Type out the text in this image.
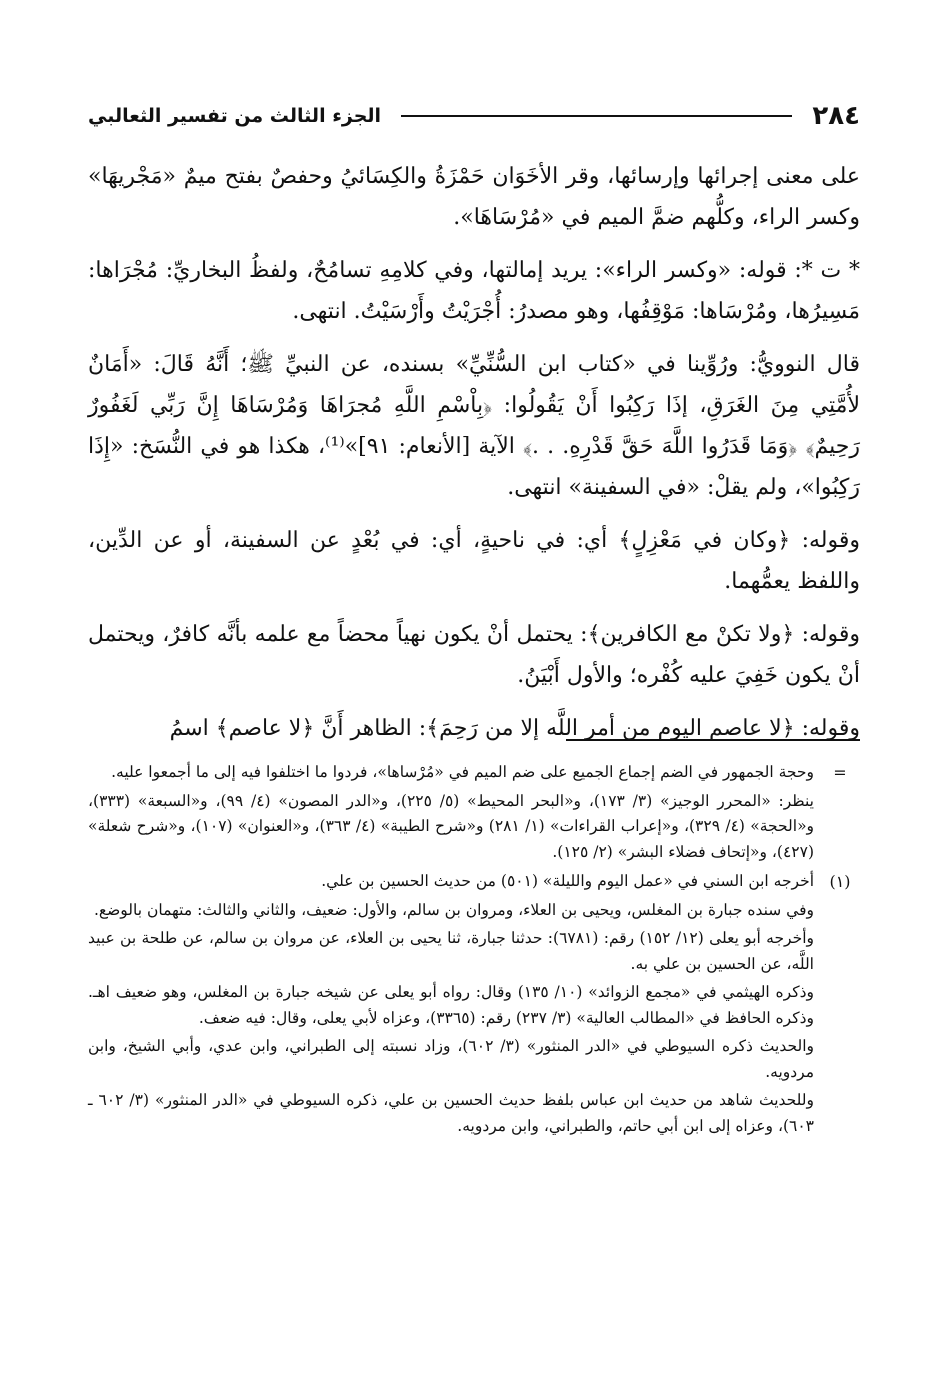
٢٨٤
الجزء الثالث من تفسير الثعالبي

على معنى إجرائها وإرسائها، وقر الأخَوَان حَمْزَةُ والكِسَائيُ وحفصٌ بفتح ميمٌ «مَجْريهَا» وكسر الراء، وكلُّهم ضمَّ الميم في «مُرْسَاهَا».

* ت *: قوله: «وكسر الراء»: يريد إمالتها، وفي كلامِهِ تسامُحٌ، ولفظُ البخاريِّ: مُجْرَاها: مَسِيرُها، ومُرْسَاها: مَوْقِفُها، وهو مصدرُ: أُجْرَيْتُ وأَرْسَيْتُ. انتهى.

قال النوويُّ: ورُوِّينا في «كتاب ابن السُّنِّيِّ» بسنده، عن النبيِّ ﷺ؛ أَنَّهُ قَالَ: «أَمَانٌ لأُمَّتِي مِنَ الغَرَقِ، إذَا رَكِبُوا أَنْ يَقُولُوا: ﴿بِاْسْمِ اللَّهِ مُجرَاهَا وَمُرْسَاهَا إِنَّ رَبِّي لَغَفُورٌ رَحِيمٌ﴾ ﴿وَمَا قَدَرُوا اللَّهَ حَقَّ قَدْرِهِ. . .﴾ الآية [الأنعام: ٩١]»⁽¹⁾، هكذا هو في النُّسَخ: «إِذَا رَكِبُوا»، ولم يقلْ: «في السفينة» انتهى.

وقوله: ﴿وكان في مَعْزِلٍ﴾ أي: في ناحيةٍ، أي: في بُعْدٍ عن السفينة، أو عن الدِّين، واللفظ يعمُّهما.

وقوله: ﴿ولا تكنْ مع الكافرين﴾: يحتمل أنْ يكون نهياً محضاً مع علمه بأنَّه كافرٌ، ويحتمل أنْ يكون خَفِيَ عليه كُفْره؛ والأول أَبْيَنُ.

وقوله: ﴿لا عاصم اليوم من أمر اللَّه إلا من رَحِمَ﴾: الظاهر أَنَّ ﴿لا عاصم﴾ اسمُ

=

وحجة الجمهور في الضم إجماع الجميع على ضم الميم في «مُرْساها»، فردوا ما اختلفوا فيه إلى ما أجمعوا عليه.

ينظر: «المحرر الوجيز» (٣/ ١٧٣)، و«البحر المحيط» (٥/ ٢٢٥)، و«الدر المصون» (٤/ ٩٩)، و«السبعة» (٣٣٣)، و«الحجة» (٤/ ٣٢٩)، و«إعراب القراءات» (١/ ٢٨١) و«شرح الطيبة» (٤/ ٣٦٣)، و«العنوان» (١٠٧)، و«شرح شعلة» (٤٢٧)، و«إتحاف فضلاء البشر» (٢/ ١٢٥).

(١)

أخرجه ابن السني في «عمل اليوم والليلة» (٥٠١) من حديث الحسين بن علي.

وفي سنده جبارة بن المغلس، ويحيى بن العلاء، ومروان بن سالم، والأول: ضعيف، والثاني والثالث: متهمان بالوضع.

وأخرجه أبو يعلى (١٢/ ١٥٢) رقم: (٦٧٨١): حدثنا جبارة، ثنا يحيى بن العلاء، عن مروان بن سالم، عن طلحة بن عبيد اللَّه، عن الحسين بن علي به.

وذكره الهيثمي في «مجمع الزوائد» (١٠/ ١٣٥) وقال: رواه أبو يعلى عن شيخه جبارة بن المغلس، وهو ضعيف اهـ. وذكره الحافظ في «المطالب العالية» (٣/ ٢٣٧) رقم: (٣٣٦٥)، وعزاه لأبي يعلى، وقال: فيه ضعف.

والحديث ذكره السيوطي في «الدر المنثور» (٣/ ٦٠٢)، وزاد نسبته إلى الطبراني، وابن عدي، وأبي الشيخ، وابن مردويه.

وللحديث شاهد من حديث ابن عباس بلفظ حديث الحسين بن علي، ذكره السيوطي في «الدر المنثور» (٣/ ٦٠٢ ـ ٦٠٣)، وعزاه إلى ابن أبي حاتم، والطبراني، وابن مردويه.
